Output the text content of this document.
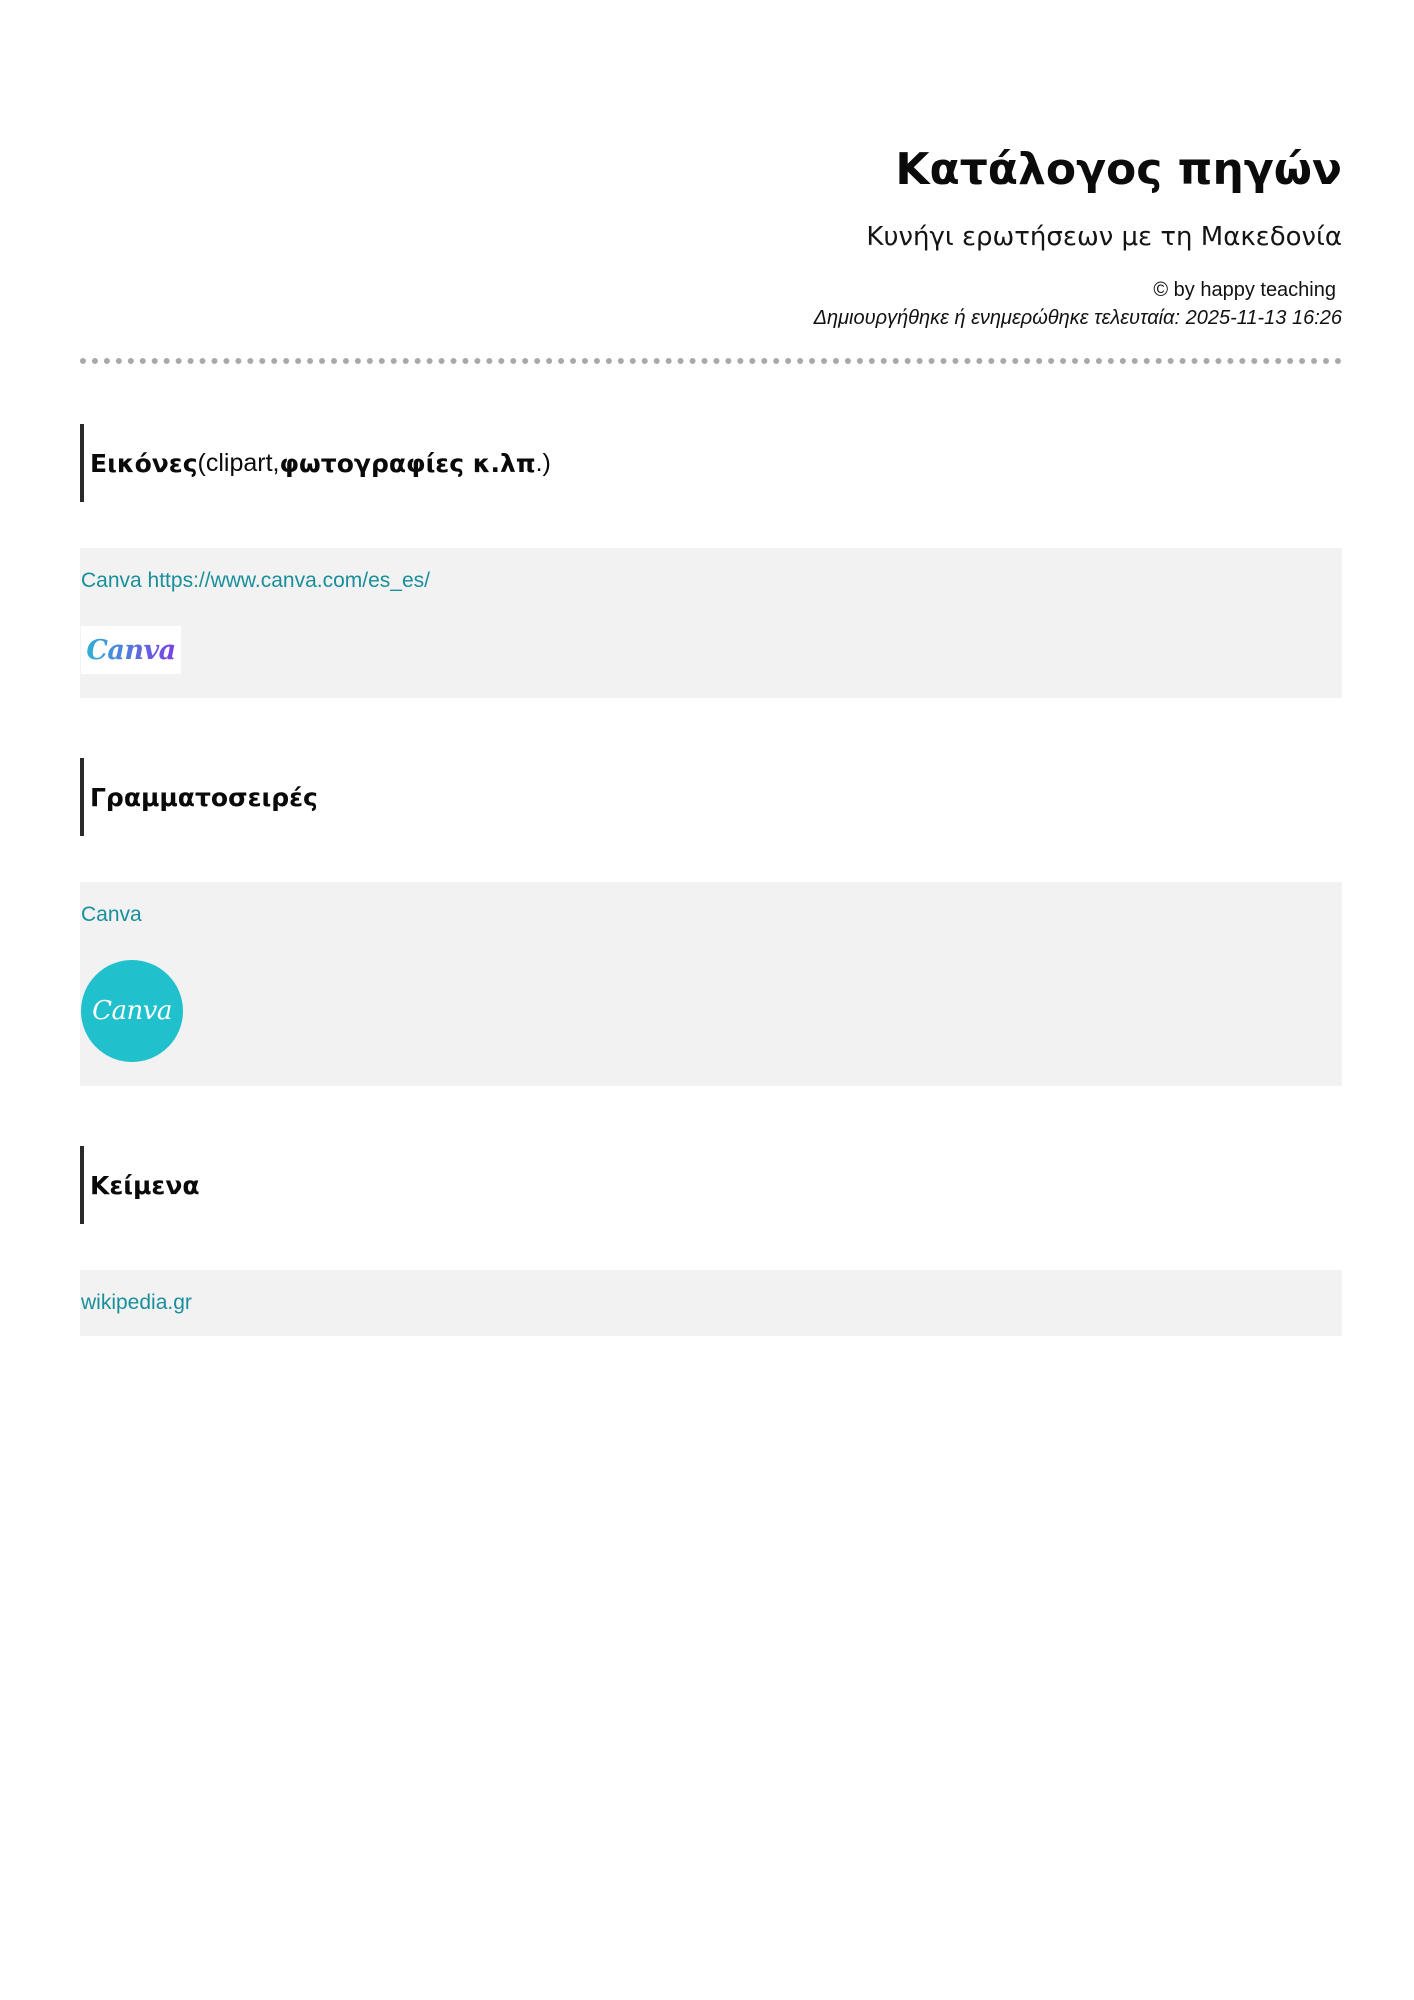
Κατάλογος πηγών
Κυνήγι ερωτήσεων με τη Μακεδονία
© by happy teaching
Δημιουργήθηκε ή ενημερώθηκε τελευταία: 2025-11-13 16:26
Εικόνες (clipart, φωτογραφίες κ.λπ .)
Canva https://www.canva.com/es_es/
Canva
Γραμματοσειρές
Canva
Canva
Κείμενα
wikipedia.gr
